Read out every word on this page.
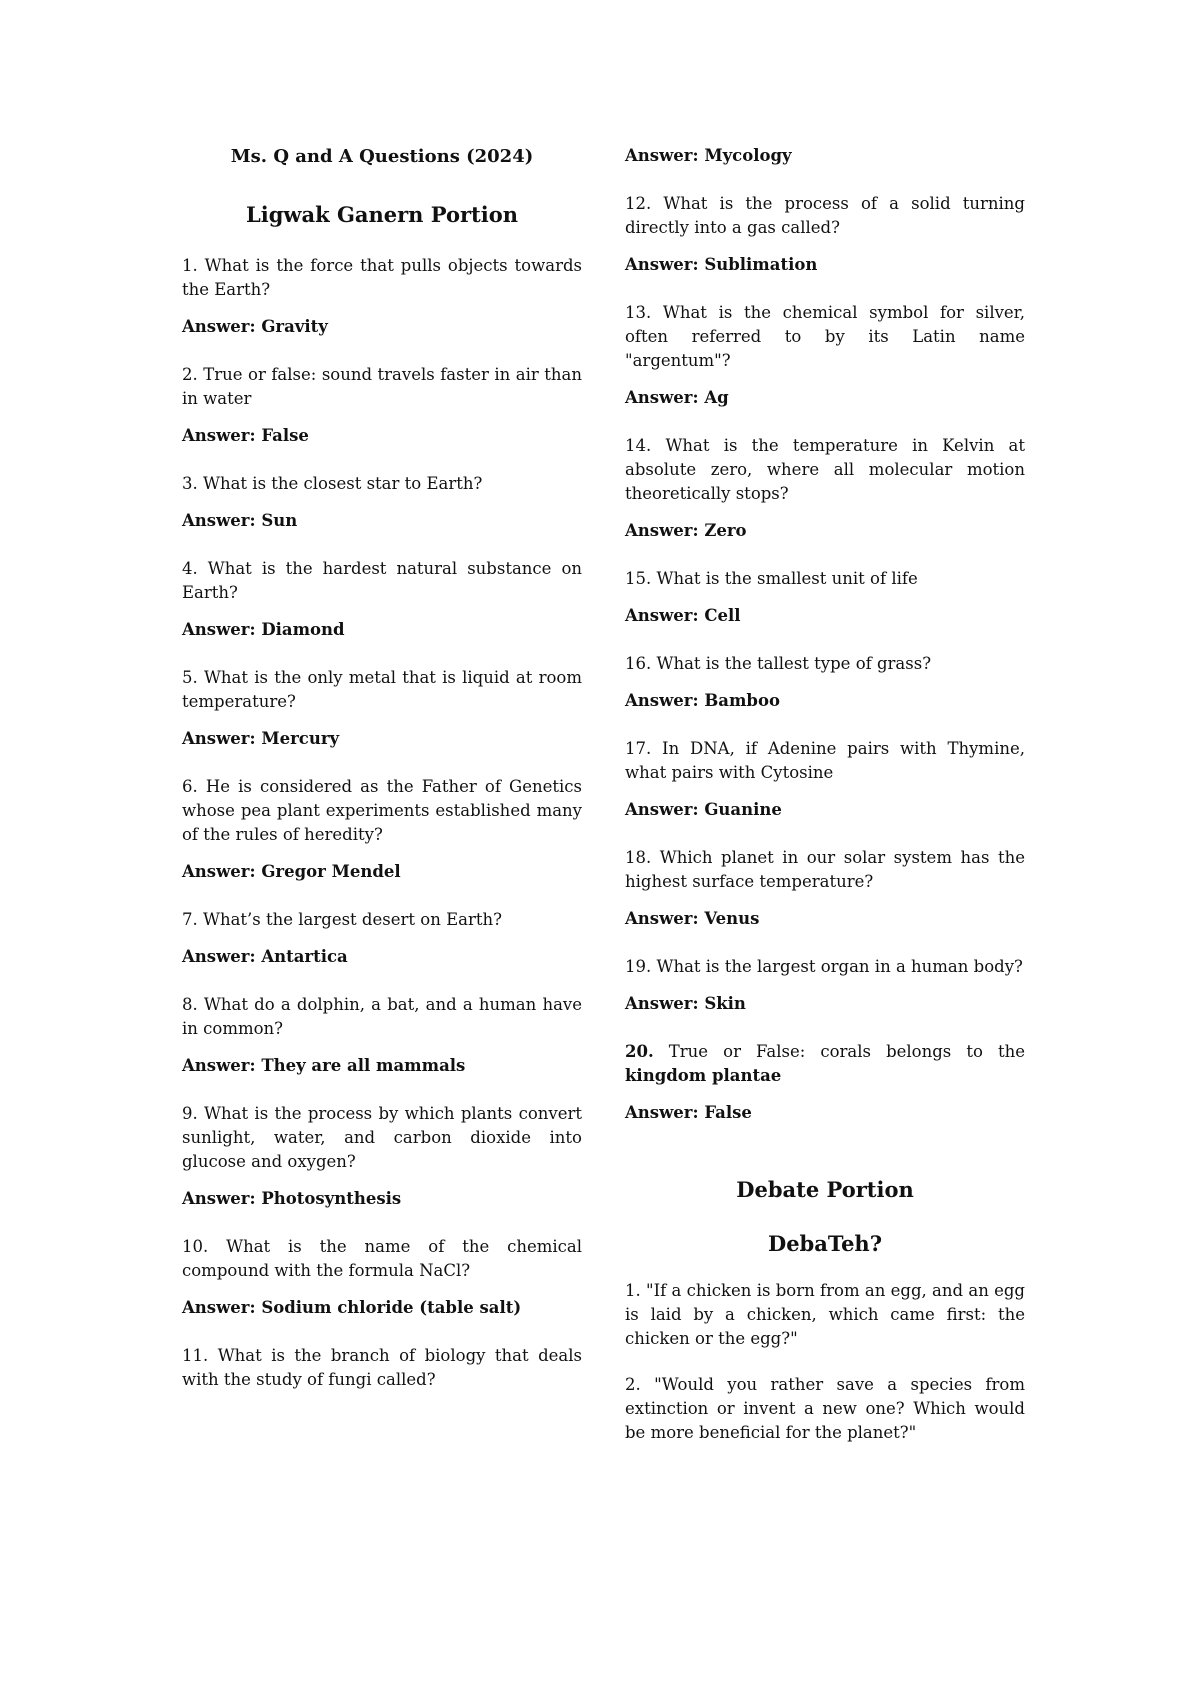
Ms. Q and A Questions (2024)
Ligwak Ganern Portion
1. What is the force that pulls objects towards the Earth?
Answer: Gravity
2. True or false: sound travels faster in air than in water
Answer: False
3. What is the closest star to Earth?
Answer: Sun
4. What is the hardest natural substance on Earth?
Answer: Diamond
5. What is the only metal that is liquid at room temperature?
Answer: Mercury
6. He is considered as the Father of Genetics whose pea plant experiments established many of the rules of heredity?
Answer: Gregor Mendel
7. What’s the largest desert on Earth?
Answer: Antartica
8. What do a dolphin, a bat, and a human have in common?
Answer: They are all mammals
9. What is the process by which plants convert sunlight, water, and carbon dioxide into glucose and oxygen?
Answer: Photosynthesis
10. What is the name of the chemical compound with the formula NaCl?
Answer: Sodium chloride (table salt)
11. What is the branch of biology that deals with the study of fungi called?
Answer: Mycology
12. What is the process of a solid turning directly into a gas called?
Answer: Sublimation
13. What is the chemical symbol for silver, often referred to by its Latin name "argentum"?
Answer: Ag
14. What is the temperature in Kelvin at absolute zero, where all molecular motion theoretically stops?
Answer: Zero
15. What is the smallest unit of life
Answer: Cell
16. What is the tallest type of grass?
Answer: Bamboo
17. In DNA, if Adenine pairs with Thymine, what pairs with Cytosine
Answer: Guanine
18. Which planet in our solar system has the highest surface temperature?
Answer: Venus
19. What is the largest organ in a human body?
Answer: Skin
20. True or False: corals belongs to the kingdom plantae
Answer: False
Debate Portion
DebaTeh?
1. "If a chicken is born from an egg, and an egg is laid by a chicken, which came first: the chicken or the egg?"
2. "Would you rather save a species from extinction or invent a new one? Which would be more beneficial for the planet?"
